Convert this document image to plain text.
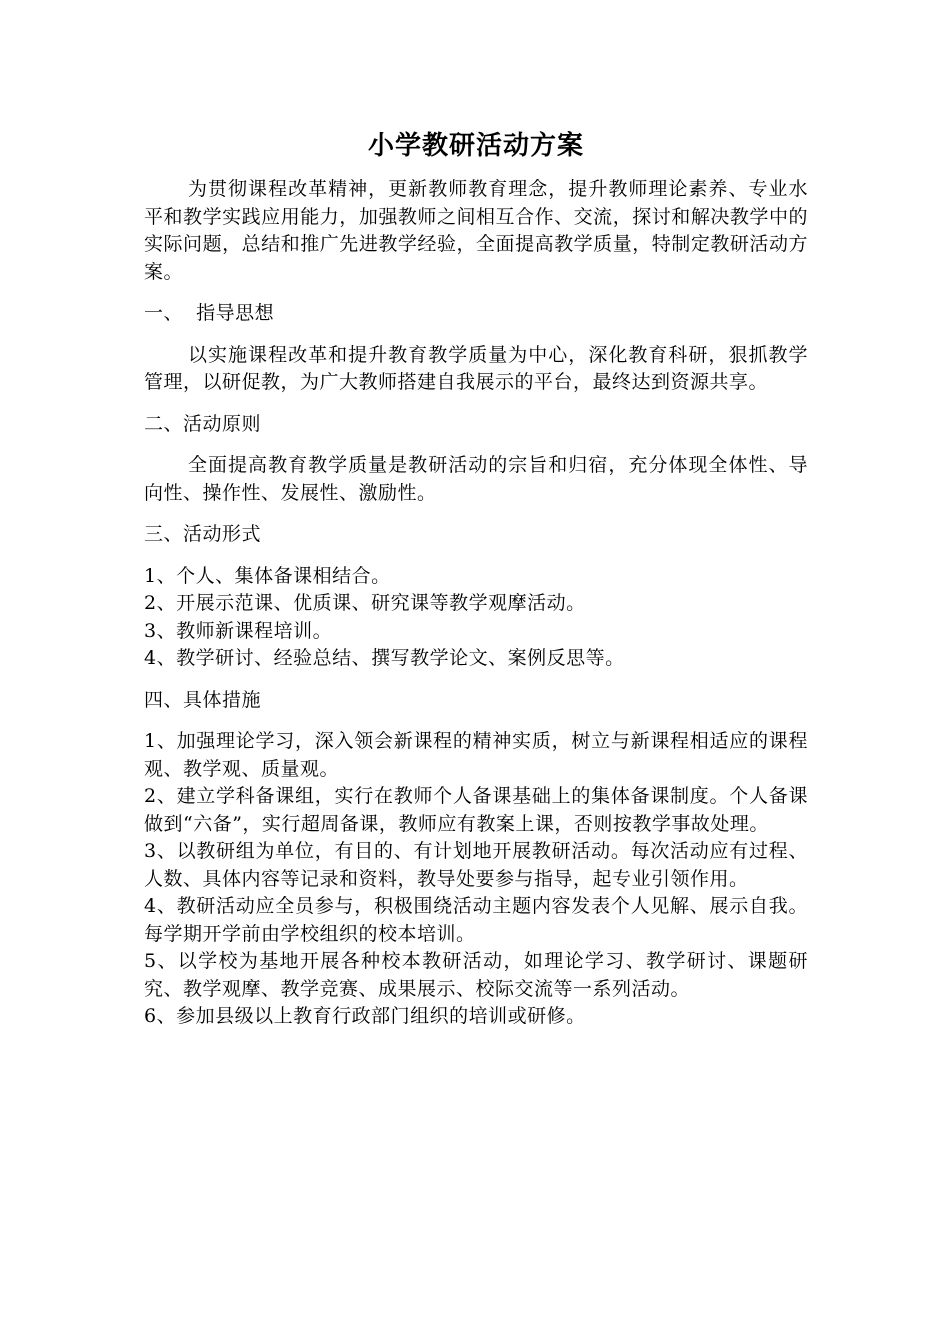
小学教研活动方案

为贯彻课程改革精神，更新教师教育理念，提升教师理论素养、专业水平和教学实践应用能力，加强教师之间相互合作、交流，探讨和解决教学中的实际问题，总结和推广先进教学经验，全面提高教学质量，特制定教研活动方案。

一、  指导思想

以实施课程改革和提升教育教学质量为中心，深化教育科研，狠抓教学管理，以研促教，为广大教师搭建自我展示的平台，最终达到资源共享。

二、活动原则

全面提高教育教学质量是教研活动的宗旨和归宿，充分体现全体性、导向性、操作性、发展性、激励性。

三、活动形式

1、个人、集体备课相结合。
2、开展示范课、优质课、研究课等教学观摩活动。
3、教师新课程培训。
4、教学研讨、经验总结、撰写教学论文、案例反思等。

四、具体措施

1、加强理论学习，深入领会新课程的精神实质，树立与新课程相适应的课程观、教学观、质量观。
2、建立学科备课组，实行在教师个人备课基础上的集体备课制度。个人备课做到“六备”，实行超周备课，教师应有教案上课，否则按教学事故处理。
3、以教研组为单位，有目的、有计划地开展教研活动。每次活动应有过程、人数、具体内容等记录和资料，教导处要参与指导，起专业引领作用。
4、教研活动应全员参与，积极围绕活动主题内容发表个人见解、展示自我。每学期开学前由学校组织的校本培训。
5、以学校为基地开展各种校本教研活动，如理论学习、教学研讨、课题研究、教学观摩、教学竞赛、成果展示、校际交流等一系列活动。
6、参加县级以上教育行政部门组织的培训或研修。
